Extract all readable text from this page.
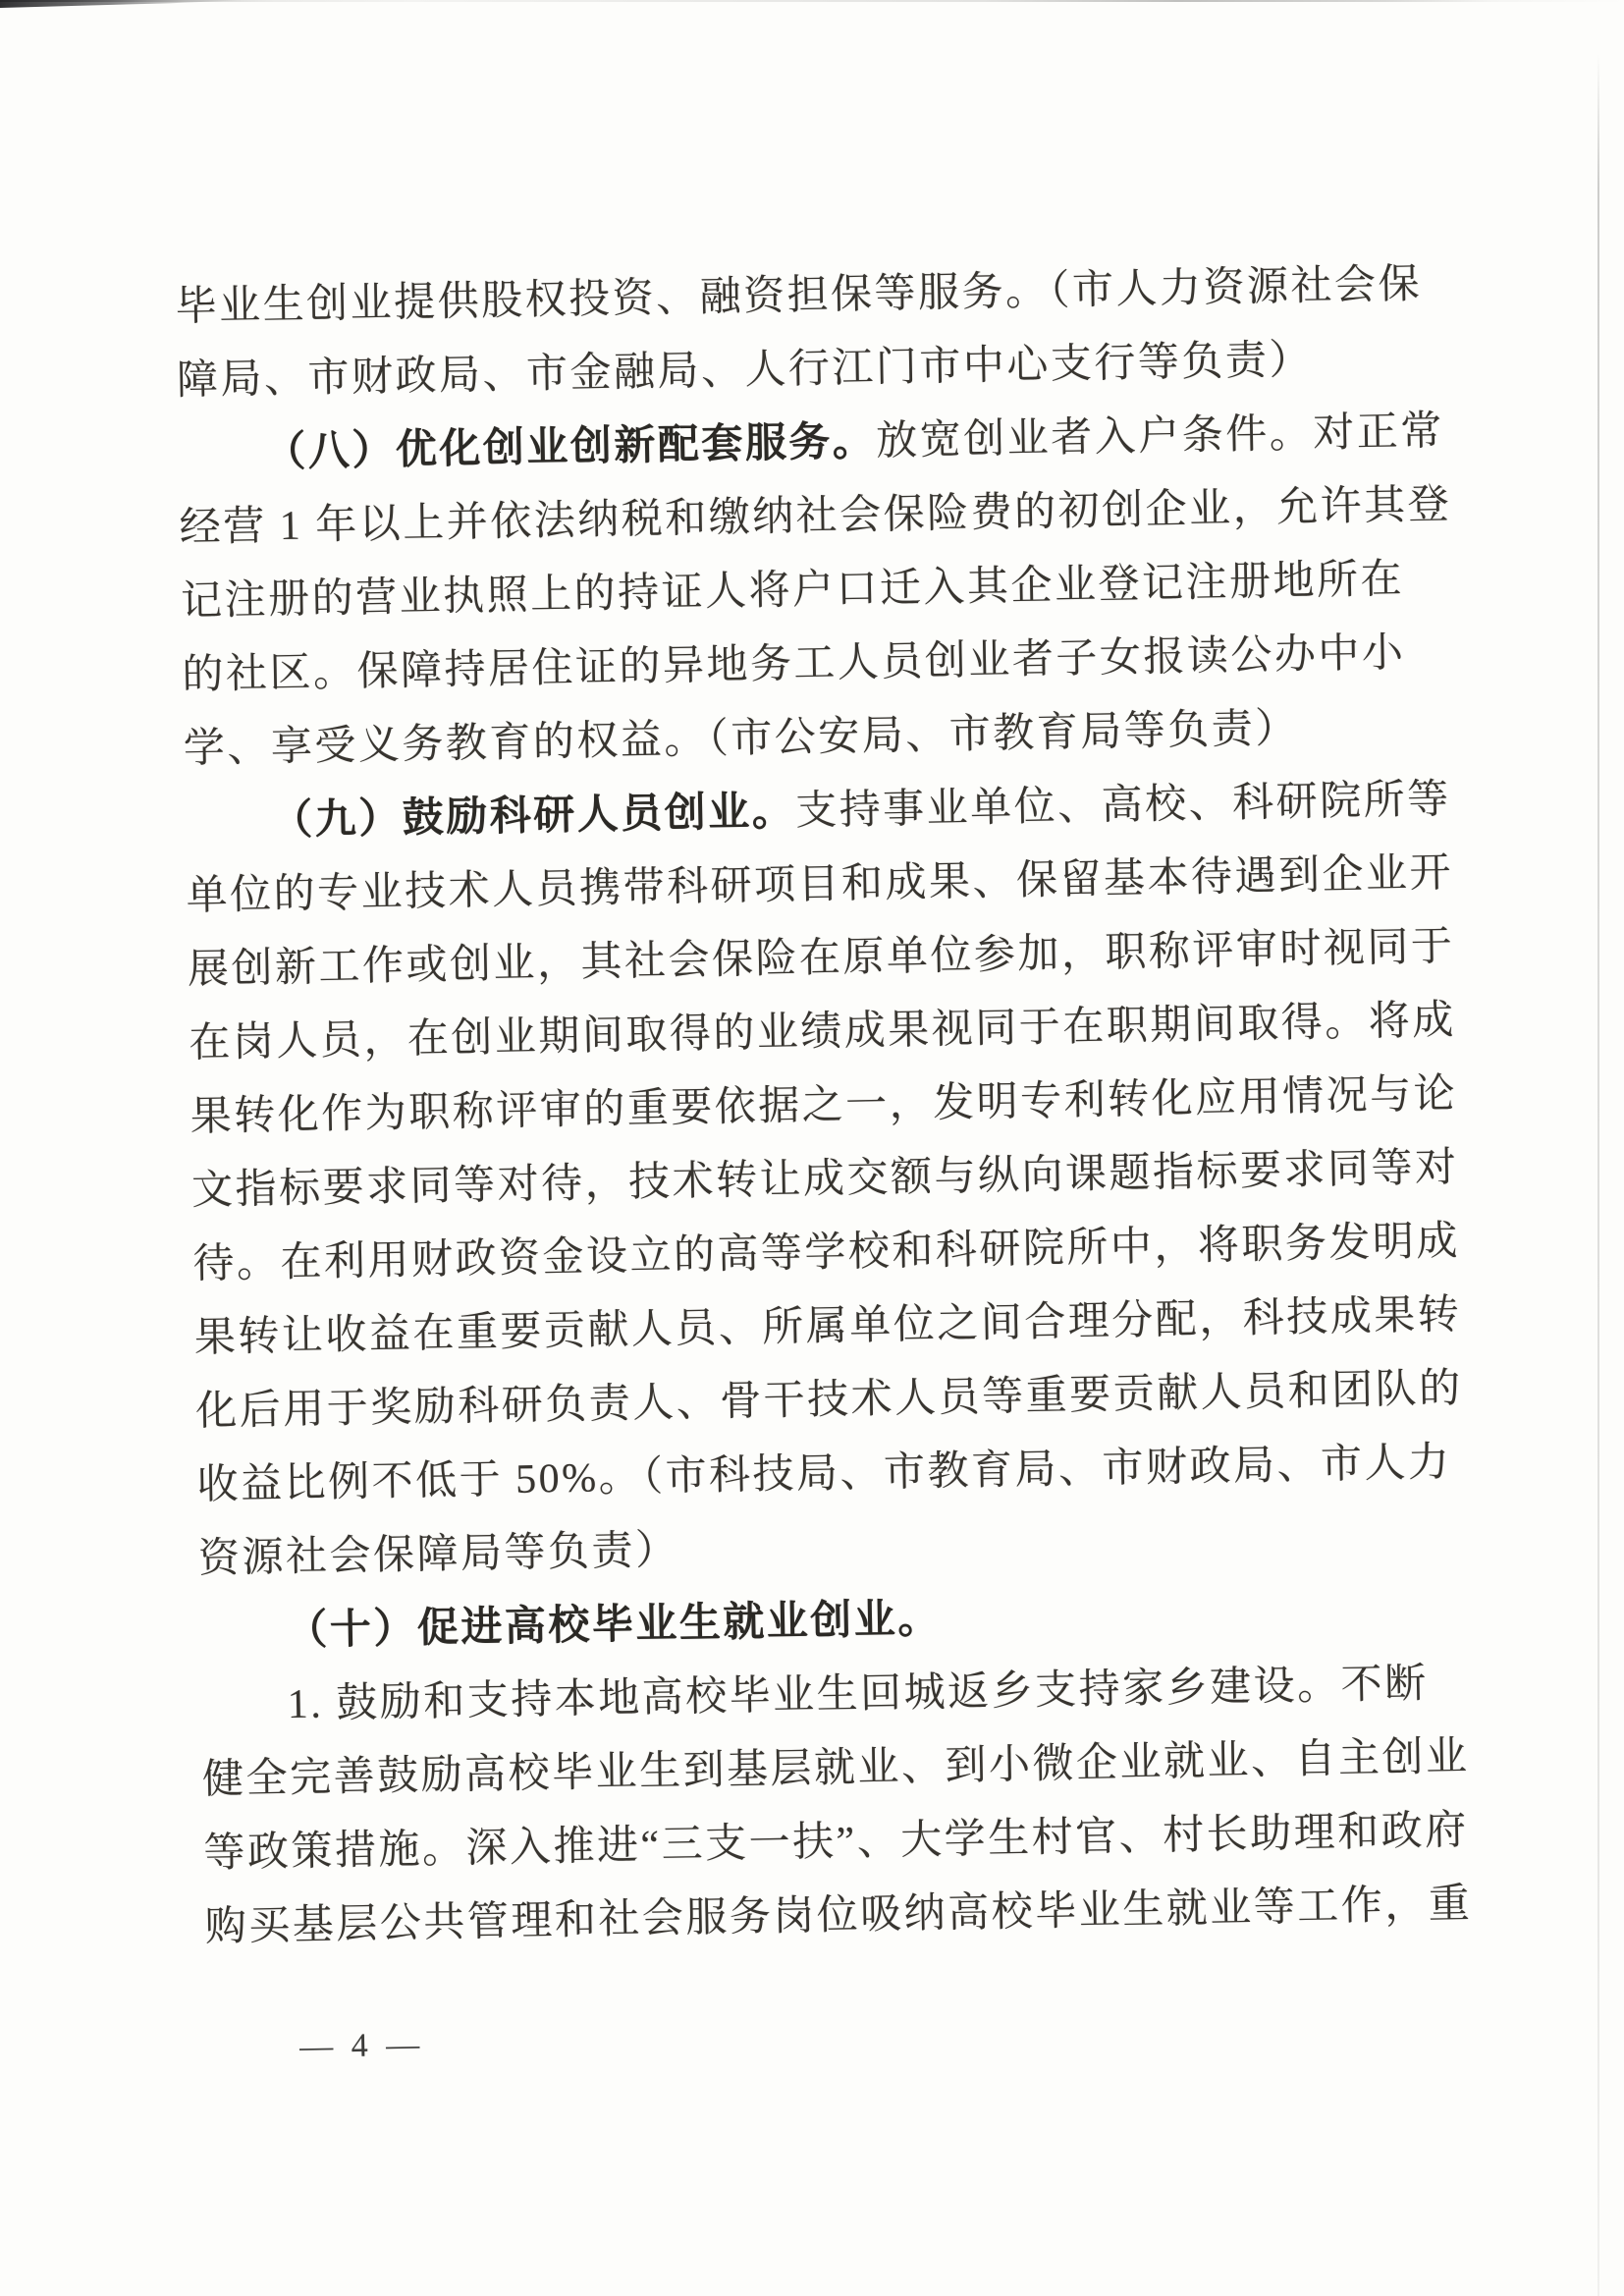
毕业生创业提供股权投资、融资担保等服务。（市人力资源社会保
障局、市财政局、市金融局、人行江门市中心支行等负责）
（八）优化创业创新配套服务。放宽创业者入户条件。对正常
经营 1 年以上并依法纳税和缴纳社会保险费的初创企业，允许其登
记注册的营业执照上的持证人将户口迁入其企业登记注册地所在
的社区。保障持居住证的异地务工人员创业者子女报读公办中小
学、享受义务教育的权益。（市公安局、市教育局等负责）
（九）鼓励科研人员创业。支持事业单位、高校、科研院所等
单位的专业技术人员携带科研项目和成果、保留基本待遇到企业开
展创新工作或创业，其社会保险在原单位参加，职称评审时视同于
在岗人员，在创业期间取得的业绩成果视同于在职期间取得。将成
果转化作为职称评审的重要依据之一，发明专利转化应用情况与论
文指标要求同等对待，技术转让成交额与纵向课题指标要求同等对
待。在利用财政资金设立的高等学校和科研院所中，将职务发明成
果转让收益在重要贡献人员、所属单位之间合理分配，科技成果转
化后用于奖励科研负责人、骨干技术人员等重要贡献人员和团队的
收益比例不低于 50%。（市科技局、市教育局、市财政局、市人力
资源社会保障局等负责）
（十）促进高校毕业生就业创业。
1. 鼓励和支持本地高校毕业生回城返乡支持家乡建设。不断
健全完善鼓励高校毕业生到基层就业、到小微企业就业、自主创业
等政策措施。深入推进“三支一扶”、大学生村官、村长助理和政府
购买基层公共管理和社会服务岗位吸纳高校毕业生就业等工作，重
— 4 —
